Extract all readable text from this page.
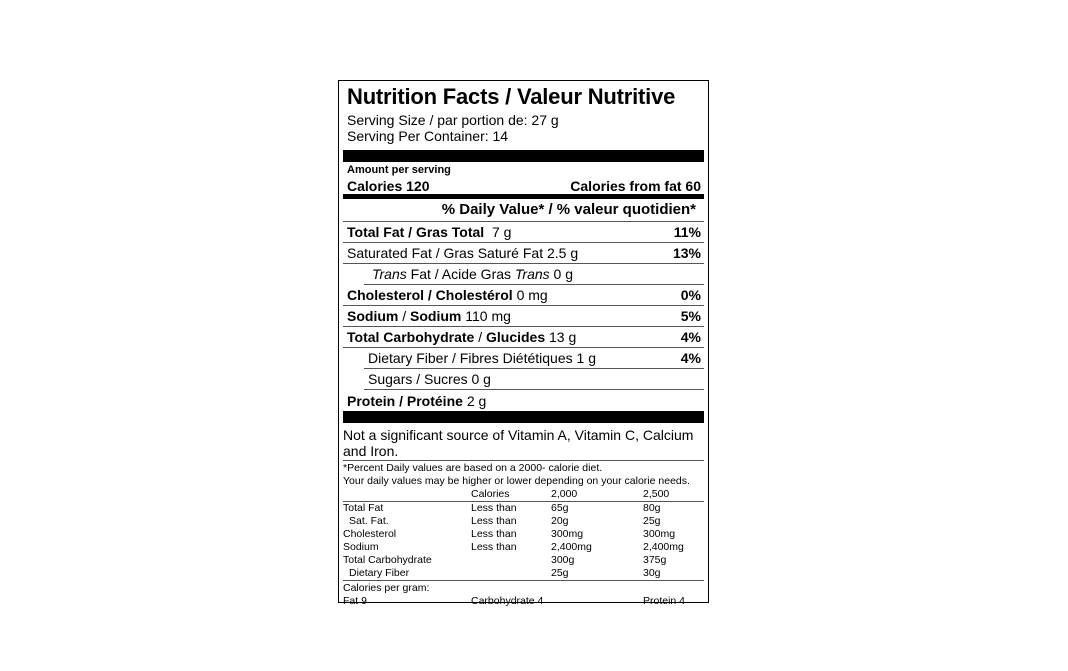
Nutrition Facts / Valeur Nutritive
Serving Size / par portion de: 27 g
Serving Per Container: 14
Amount per serving
Calories 120	Calories from fat 60
% Daily Value* / % valeur quotidien*
Total Fat / Gras Total 7 g	11%
Saturated Fat / Gras Saturé Fat 2.5 g	13%
Trans Fat / Acide Gras Trans 0 g
Cholesterol / Cholestérol 0 mg	0%
Sodium / Sodium 110 mg	5%
Total Carbohydrate / Glucides 13 g	4%
Dietary Fiber / Fibres Diététiques 1 g	4%
Sugars / Sucres 0 g
Protein / Protéine 2 g
Not a significant source of Vitamin A, Vitamin C, Calcium and Iron.
*Percent Daily values are based on a 2000- calorie diet.
Your daily values may be higher or lower depending on your calorie needs.
	Calories	2,000	2,500
Total Fat	Less than	65g	80g
Sat. Fat.	Less than	20g	25g
Cholesterol	Less than	300mg	300mg
Sodium	Less than	2,400mg	2,400mg
Total Carbohydrate		300g	375g
Dietary Fiber		25g	30g
Calories per gram:
Fat 9	Carbohydrate 4	Protein 4
